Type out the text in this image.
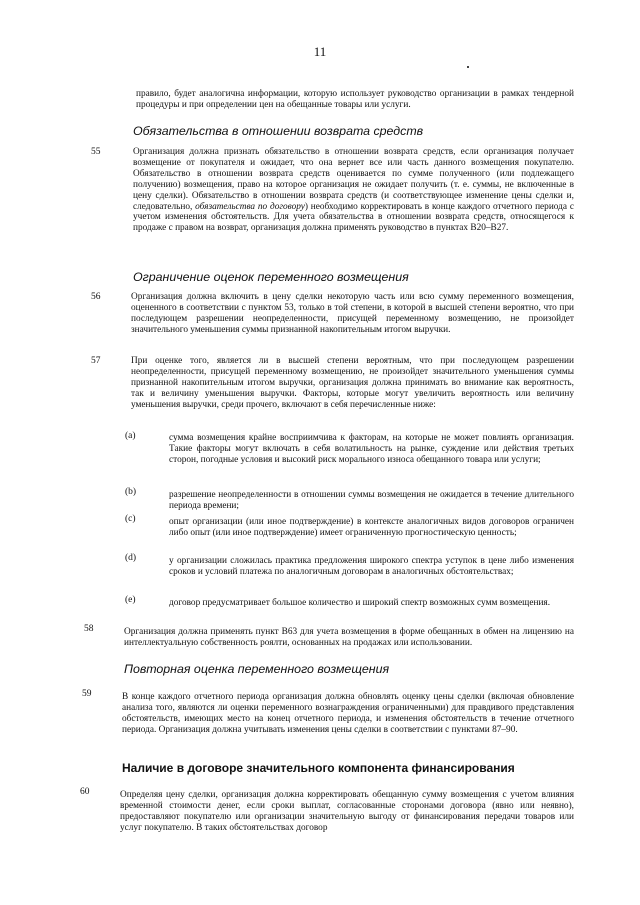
11
правило, будет аналогична информации, которую использует руководство организации в рамках тендерной процедуры и при определении цен на обещанные товары или услуги.
Обязательства в отношении возврата средств
55	Организация должна признать обязательство в отношении возврата средств, если организация получает возмещение от покупателя и ожидает, что она вернет все или часть данного возмещения покупателю. Обязательство в отношении возврата средств оценивается по сумме полученного (или подлежащего получению) возмещения, право на которое организация не ожидает получить (т. е. суммы, не включенные в цену сделки). Обязательство в отношении возврата средств (и соответствующее изменение цены сделки и, следовательно, обязательства по договору) необходимо корректировать в конце каждого отчетного периода с учетом изменения обстоятельств. Для учета обязательства в отношении возврата средств, относящегося к продаже с правом на возврат, организация должна применять руководство в пунктах B20–B27.
Ограничение оценок переменного возмещения
56	Организация должна включить в цену сделки некоторую часть или всю сумму переменного возмещения, оцененного в соответствии с пунктом 53, только в той степени, в которой в высшей степени вероятно, что при последующем разрешении неопределенности, присущей переменному возмещению, не произойдет значительного уменьшения суммы признанной накопительным итогом выручки.
57	При оценке того, является ли в высшей степени вероятным, что при последующем разрешении неопределенности, присущей переменному возмещению, не произойдет значительного уменьшения суммы признанной накопительным итогом выручки, организация должна принимать во внимание как вероятность, так и величину уменьшения выручки. Факторы, которые могут увеличить вероятность или величину уменьшения выручки, среди прочего, включают в себя перечисленные ниже:
(a)	сумма возмещения крайне восприимчива к факторам, на которые не может повлиять организация. Такие факторы могут включать в себя волатильность на рынке, суждение или действия третьих сторон, погодные условия и высокий риск морального износа обещанного товара или услуги;
(b)	разрешение неопределенности в отношении суммы возмещения не ожидается в течение длительного периода времени;
(c)	опыт организации (или иное подтверждение) в контексте аналогичных видов договоров ограничен либо опыт (или иное подтверждение) имеет ограниченную прогностическую ценность;
(d)	у организации сложилась практика предложения широкого спектра уступок в цене либо изменения сроков и условий платежа по аналогичным договорам в аналогичных обстоятельствах;
(e)	договор предусматривает большое количество и широкий спектр возможных сумм возмещения.
58	Организация должна применять пункт B63 для учета возмещения в форме обещанных в обмен на лицензию на интеллектуальную собственность роялти, основанных на продажах или использовании.
Повторная оценка переменного возмещения
59	В конце каждого отчетного периода организация должна обновлять оценку цены сделки (включая обновление анализа того, являются ли оценки переменного вознаграждения ограниченными) для правдивого представления обстоятельств, имеющих место на конец отчетного периода, и изменения обстоятельств в течение отчетного периода. Организация должна учитывать изменения цены сделки в соответствии с пунктами 87–90.
Наличие в договоре значительного компонента финансирования
60	Определяя цену сделки, организация должна корректировать обещанную сумму возмещения с учетом влияния временной стоимости денег, если сроки выплат, согласованные сторонами договора (явно или неявно), предоставляют покупателю или организации значительную выгоду от финансирования передачи товаров или услуг покупателю. В таких обстоятельствах договор
